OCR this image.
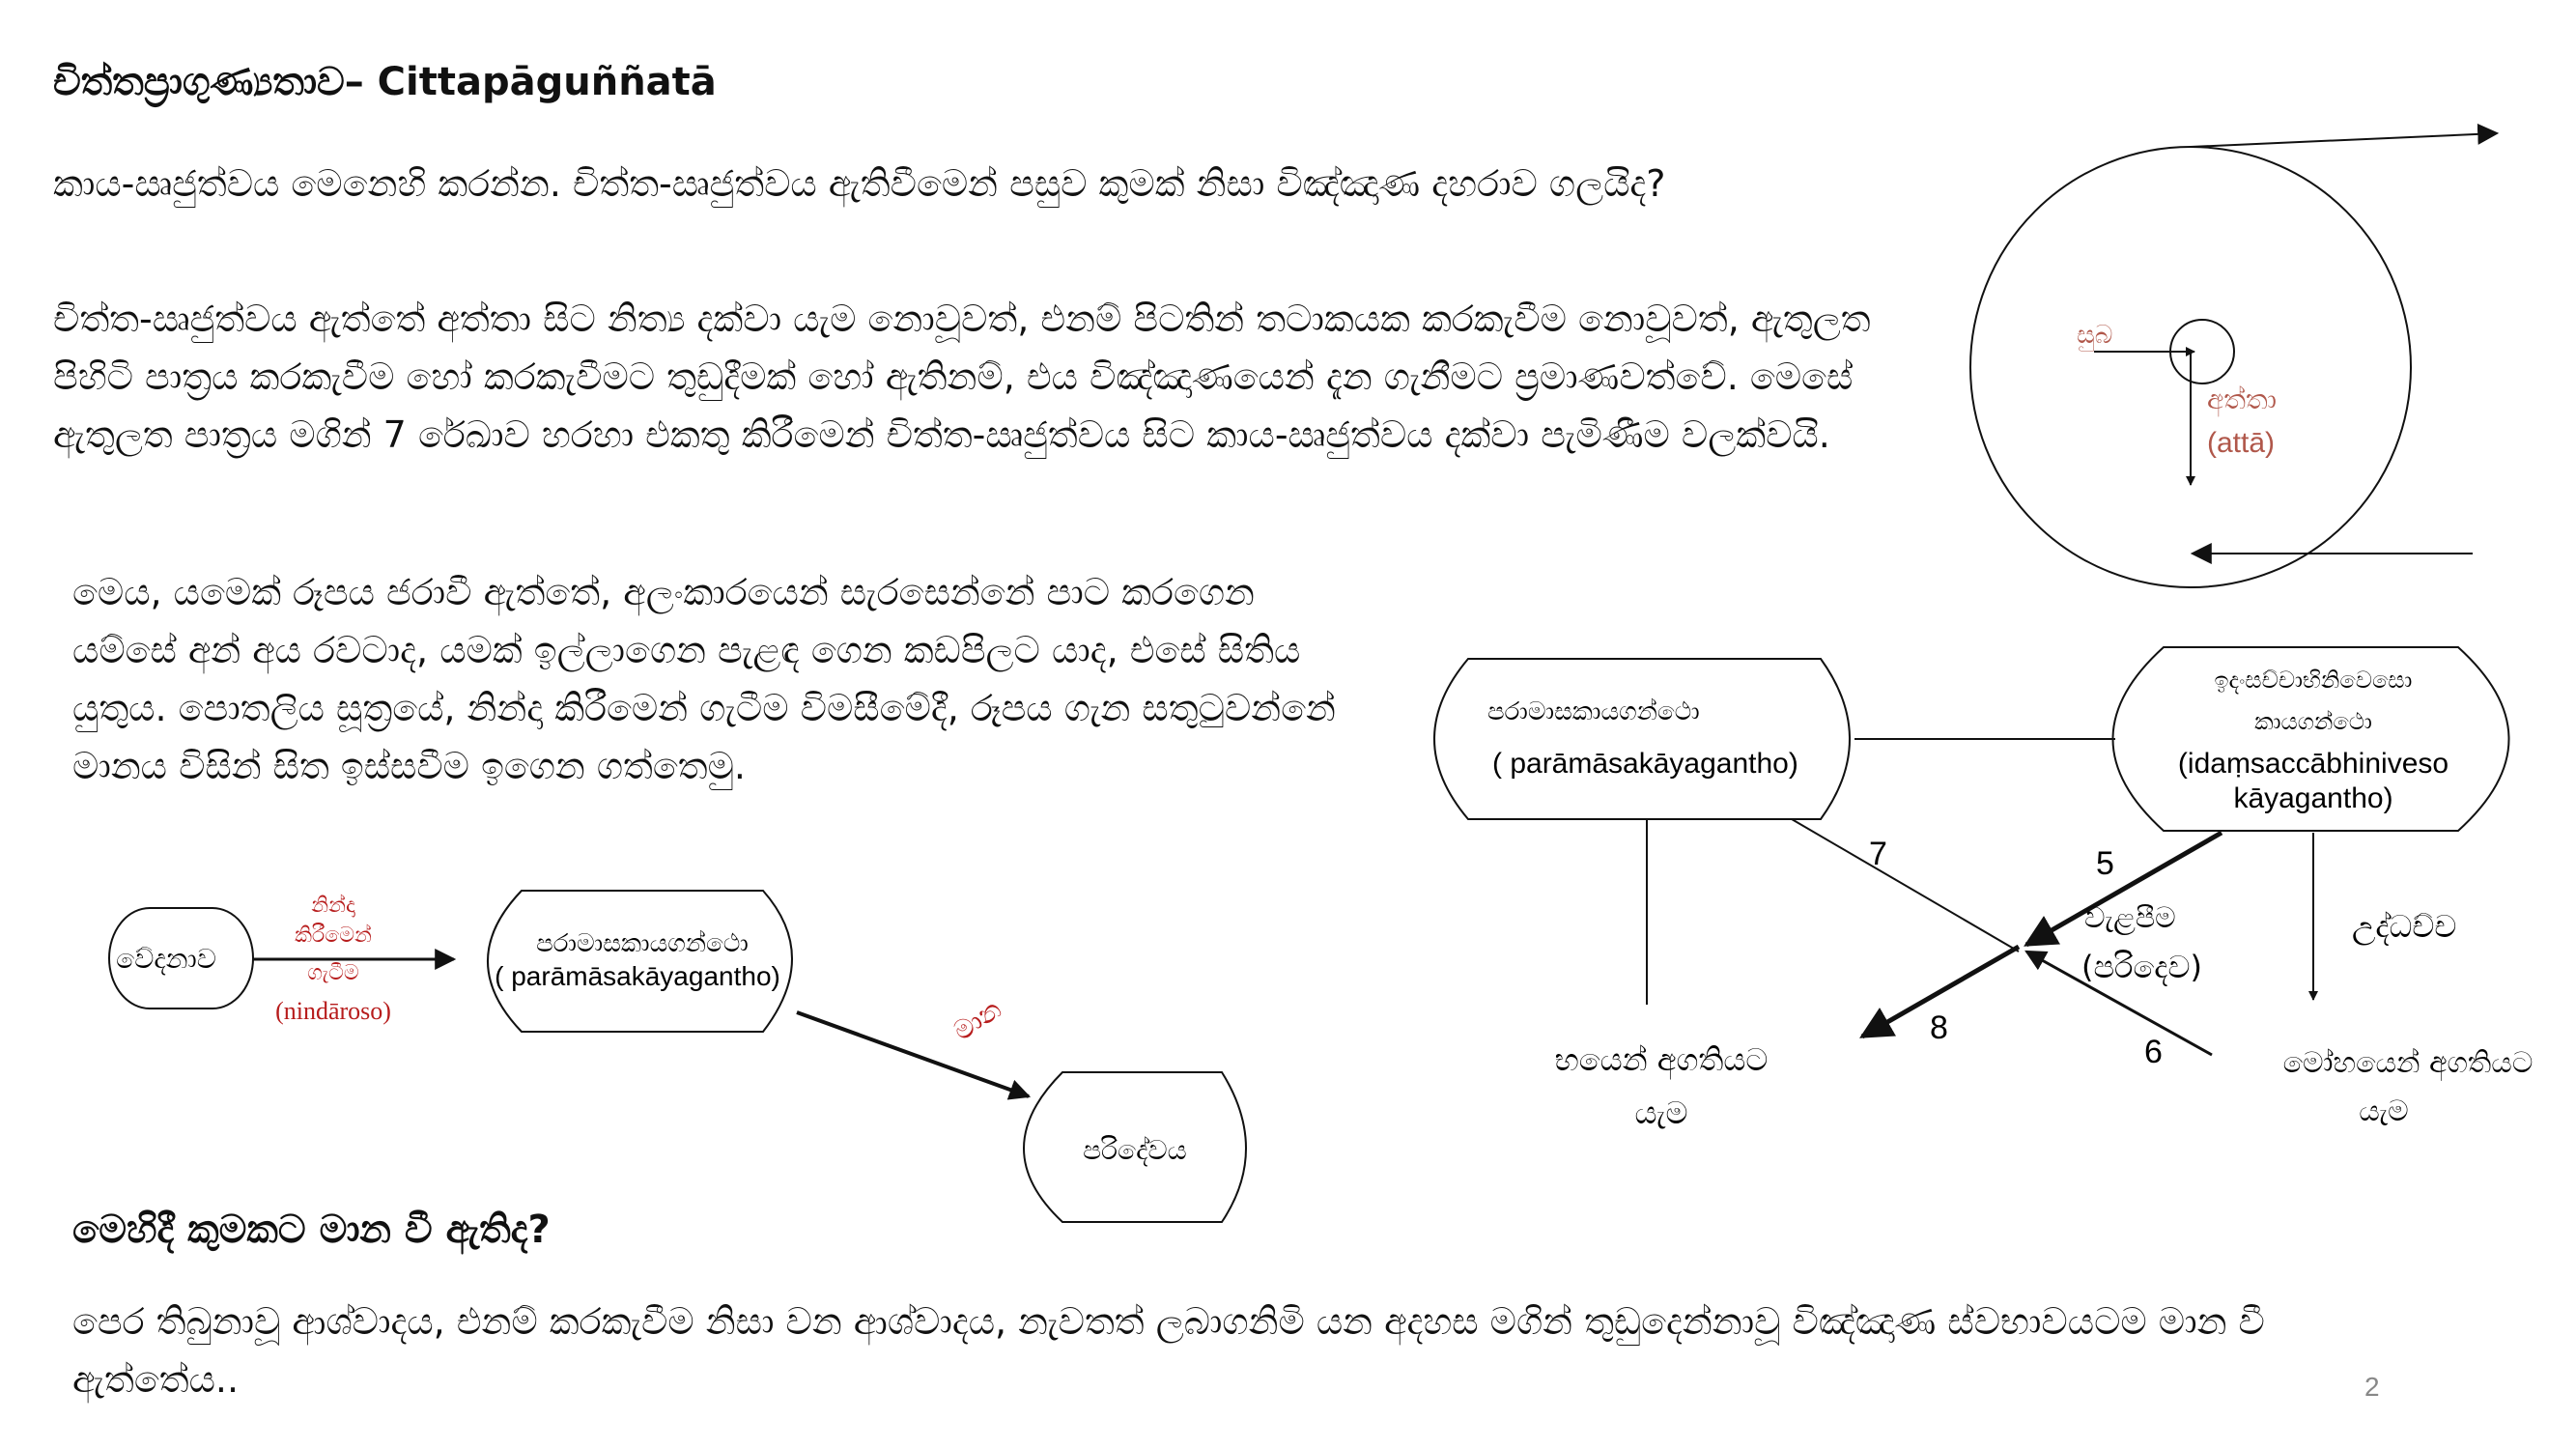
චිත්තප්‍රාගුණ්‍යතාව– Cittapāguññatā

කාය-ඍජුත්වය මෙනෙහි කරන්න. චිත්ත-ඍජුත්වය ඇතිවීමෙන් පසුව කුමක් නිසා විඤ්ඤාණ දහරාව ගලයිද?

චිත්ත-ඍජුත්වය ඇත්තේ අත්තා සිට නිත්‍ය දක්වා යැම නොවූවත්, එනම් පිටතින් තටාකයක කරකැවීම නොවූවත්, ඇතුලත පිහිටි පාත්‍රය කරකැවීම හෝ කරකැවීමට තුඩුදීමක් හෝ ඇතිනම්, එය විඤ්ඤාණයෙන් දැන ගැනීමට ප්‍රමාණවත්වේ. මෙසේ ඇතුලත පාත්‍රය මගින් 7 රේඛාව හරහා එකතු කිරීමෙන් චිත්ත-ඍජුත්වය සිට කාය-ඍජුත්වය දක්වා පැමිණීම වලක්වයි.

මෙය, යමෙක් රූපය ජරාවී ඇත්තේ, අලංකාරයෙන් සැරසෙන්නේ පාට කරගෙන යම්සේ අන් අය රවටාද, යමක් ඉල්ලාගෙන පැළඳ ගෙන කඩපිලට යාද, එසේ සිතිය යුතුය. පොතලිය සූත්‍රයේ, නින්දා කිරීමෙන් ගැටීම විමසීමේදී, රූපය ගැන සතුටුවන්නේ මානය විසින් සිත ඉස්සවීම ඉගෙන ගත්තෙමු.

මෙහිදී කුමකට මාන වී ඇතිද?

පෙර තිබුනාවූ ආශ්වාදය, එනම් කරකැවීම නිසා වන ආශ්වාදය, නැවතත් ලබාගනිමි යන අදහස මගින් තුඩුදෙන්නාවූ විඤ්ඤාණ ස්වභාවයටම මාන වී ඇත්තේය..	2
සුබ
අත්තා
(attā)
වේදනාව
නින්දා
කිරීමෙන්
ගැටීම
(nindāroso)
පරාමාසකායගන්ථො
( parāmāsakāyagantho)
මාන
පරිදේවය
පරාමාසකායගන්ථො
( parāmāsakāyagantho)
ඉදංසච්චාභිනිවෙසො
කායගන්ථො
(idaṃsaccābhiniveso
kāyagantho)
7	5
8
6
වැළපීම
(පරිදෙව)
උද්ධච්ච
භයෙන් අගතියට
යැම
මෝහයෙන් අගතියට
යැම
